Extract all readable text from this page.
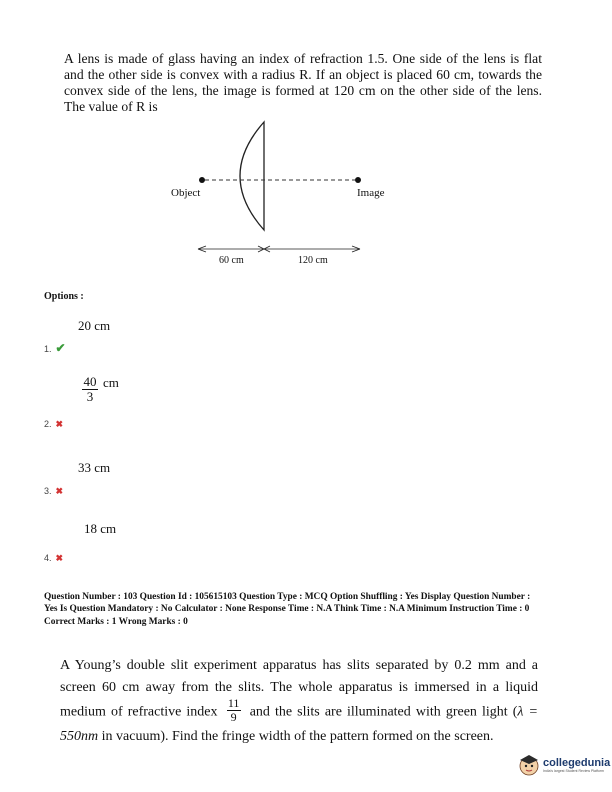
A lens is made of glass having an index of refraction 1.5. One side of the lens is flat and the other side is convex with a radius R. If an object is placed 60 cm, towards the convex side of the lens, the image is formed at 120 cm on the other side of the lens. The value of R is
Object	Image
60 cm	120 cm
Options :
20 cm
1. ✔
$\frac{40}{3} ^{cm}$
2. ✖
33 cm
3. ✖
18 cm
4. ✖
Question Number : 103 Question Id : 105615103 Question Type : MCQ Option Shuffling : Yes Display Question Number :
Yes Is Question Mandatory : No Calculator : None Response Time : N.A Think Time : N.A Minimum Instruction Time : 0
Correct Marks : 1 Wrong Marks : 0

A Young’s double slit experiment apparatus has slits separated by 0.2 mm and a screen 60 cm away from the slits. The whole apparatus is immersed in a liquid medium of refractive index $\frac{11}{9}$ and the slits are illuminated with green light (λ = 550nm in vacuum). Find the fringe width of the pattern formed on the screen.

collegedunia
India's largest Student Review Platform
